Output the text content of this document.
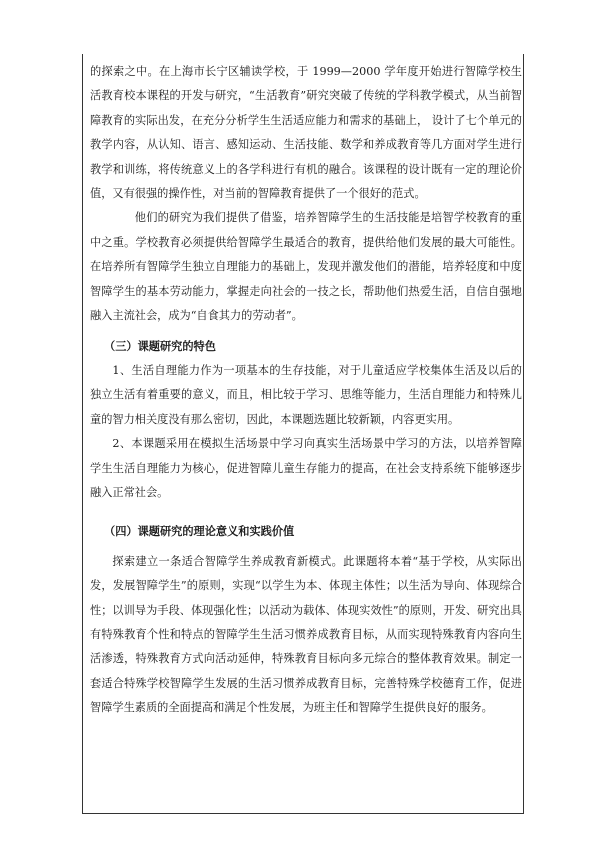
的探索之中。在上海市长宁区辅读学校，于 1999—2000 学年度开始进行智障学校生活教育校本课程的开发与研究，“生活教育”研究突破了传统的学科教学模式，从当前智障教育的实际出发，在充分分析学生生活适应能力和需求的基础上， 设计了七个单元的教学内容，从认知、语言、感知运动、生活技能、数学和养成教育等几方面对学生进行教学和训练，将传统意义上的各学科进行有机的融合。该课程的设计既有一定的理论价值，又有很强的操作性，对当前的智障教育提供了一个很好的范式。

他们的研究为我们提供了借鉴，培养智障学生的生活技能是培智学校教育的重中之重。学校教育必须提供给智障学生最适合的教育，提供给他们发展的最大可能性。在培养所有智障学生独立自理能力的基础上，发现并激发他们的潜能，培养轻度和中度智障学生的基本劳动能力，掌握走向社会的一技之长，帮助他们热爱生活，自信自强地融入主流社会，成为“自食其力的劳动者”。

（三）课题研究的特色

1、生活自理能力作为一项基本的生存技能，对于儿童适应学校集体生活及以后的独立生活有着重要的意义，而且，相比较于学习、思维等能力，生活自理能力和特殊儿童的智力相关度没有那么密切，因此，本课题选题比较新颖，内容更实用。

2、本课题采用在模拟生活场景中学习向真实生活场景中学习的方法，以培养智障学生生活自理能力为核心，促进智障儿童生存能力的提高，在社会支持系统下能够逐步融入正常社会。

（四）课题研究的理论意义和实践价值

探索建立一条适合智障学生养成教育新模式。此课题将本着“基于学校，从实际出发，发展智障学生”的原则，实现“以学生为本、体现主体性；以生活为导向、体现综合性；以训导为手段、体现强化性；以活动为载体、体现实效性”的原则，开发、研究出具有特殊教育个性和特点的智障学生生活习惯养成教育目标，从而实现特殊教育内容向生活渗透，特殊教育方式向活动延伸，特殊教育目标向多元综合的整体教育效果。制定一套适合特殊学校智障学生发展的生活习惯养成教育目标，完善特殊学校德育工作，促进智障学生素质的全面提高和满足个性发展，为班主任和智障学生提供良好的服务。
